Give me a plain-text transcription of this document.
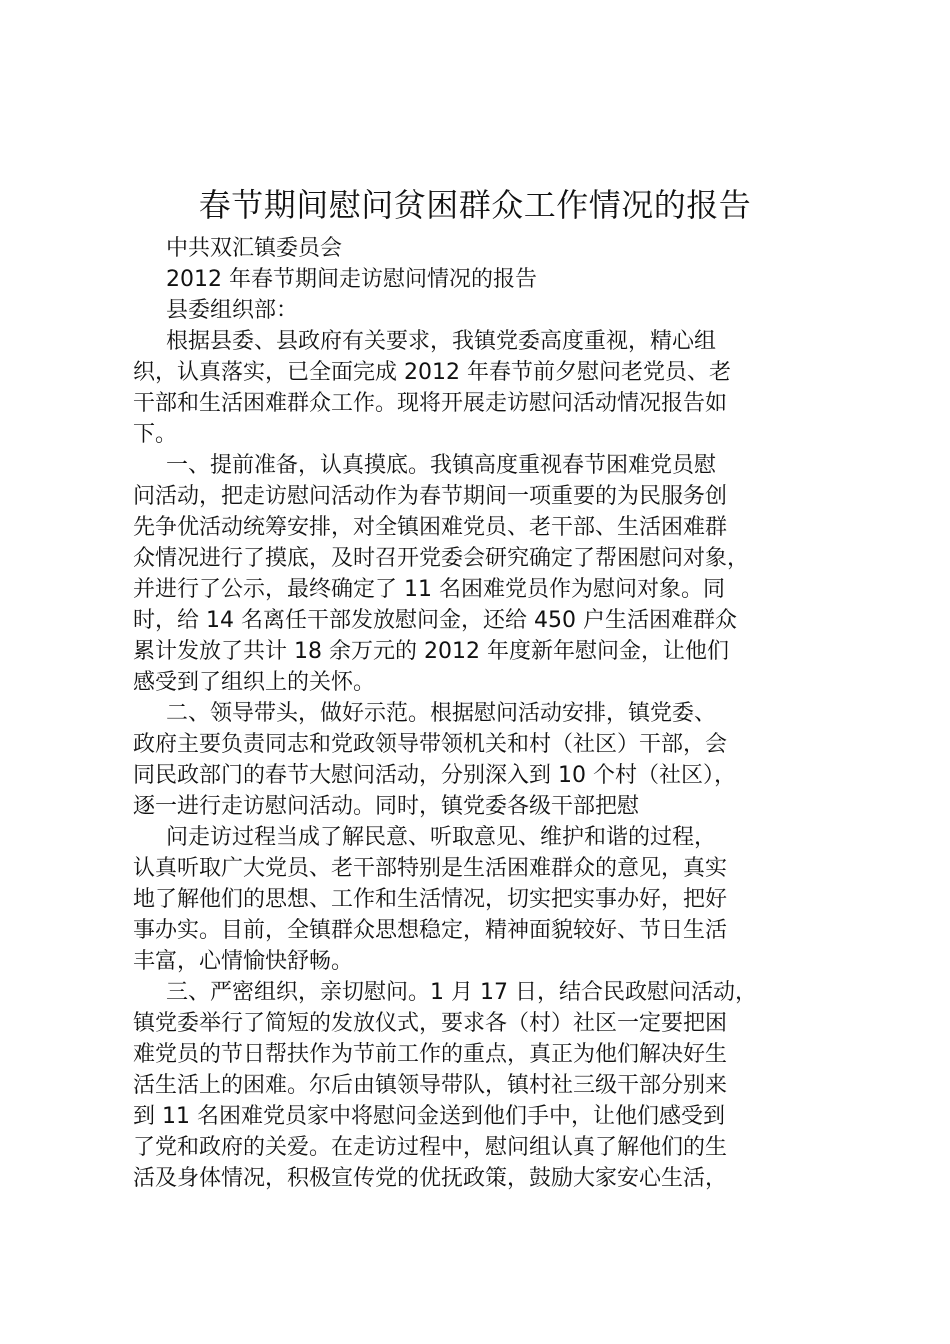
春节期间慰问贫困群众工作情况的报告
中共双汇镇委员会
2012 年春节期间走访慰问情况的报告
县委组织部：
根据县委、县政府有关要求，我镇党委高度重视，精心组
织，认真落实，已全面完成 2012 年春节前夕慰问老党员、老
干部和生活困难群众工作。现将开展走访慰问活动情况报告如
下。
一、提前准备，认真摸底。我镇高度重视春节困难党员慰
问活动，把走访慰问活动作为春节期间一项重要的为民服务创
先争优活动统筹安排，对全镇困难党员、老干部、生活困难群
众情况进行了摸底，及时召开党委会研究确定了帮困慰问对象，
并进行了公示，最终确定了 11 名困难党员作为慰问对象。同
时，给 14 名离任干部发放慰问金，还给 450 户生活困难群众
累计发放了共计 18 余万元的 2012 年度新年慰问金，让他们
感受到了组织上的关怀。
二、领导带头，做好示范。根据慰问活动安排，镇党委、
政府主要负责同志和党政领导带领机关和村（社区）干部，会
同民政部门的春节大慰问活动，分别深入到 10 个村（社区），
逐一进行走访慰问活动。同时，镇党委各级干部把慰
问走访过程当成了解民意、听取意见、维护和谐的过程，
认真听取广大党员、老干部特别是生活困难群众的意见，真实
地了解他们的思想、工作和生活情况，切实把实事办好，把好
事办实。目前，全镇群众思想稳定，精神面貌较好、节日生活
丰富，心情愉快舒畅。
三、严密组织，亲切慰问。1 月 17 日，结合民政慰问活动，
镇党委举行了简短的发放仪式，要求各（村）社区一定要把困
难党员的节日帮扶作为节前工作的重点，真正为他们解决好生
活生活上的困难。尔后由镇领导带队，镇村社三级干部分别来
到 11 名困难党员家中将慰问金送到他们手中，让他们感受到
了党和政府的关爱。在走访过程中，慰问组认真了解他们的生
活及身体情况，积极宣传党的优抚政策，鼓励大家安心生活，
